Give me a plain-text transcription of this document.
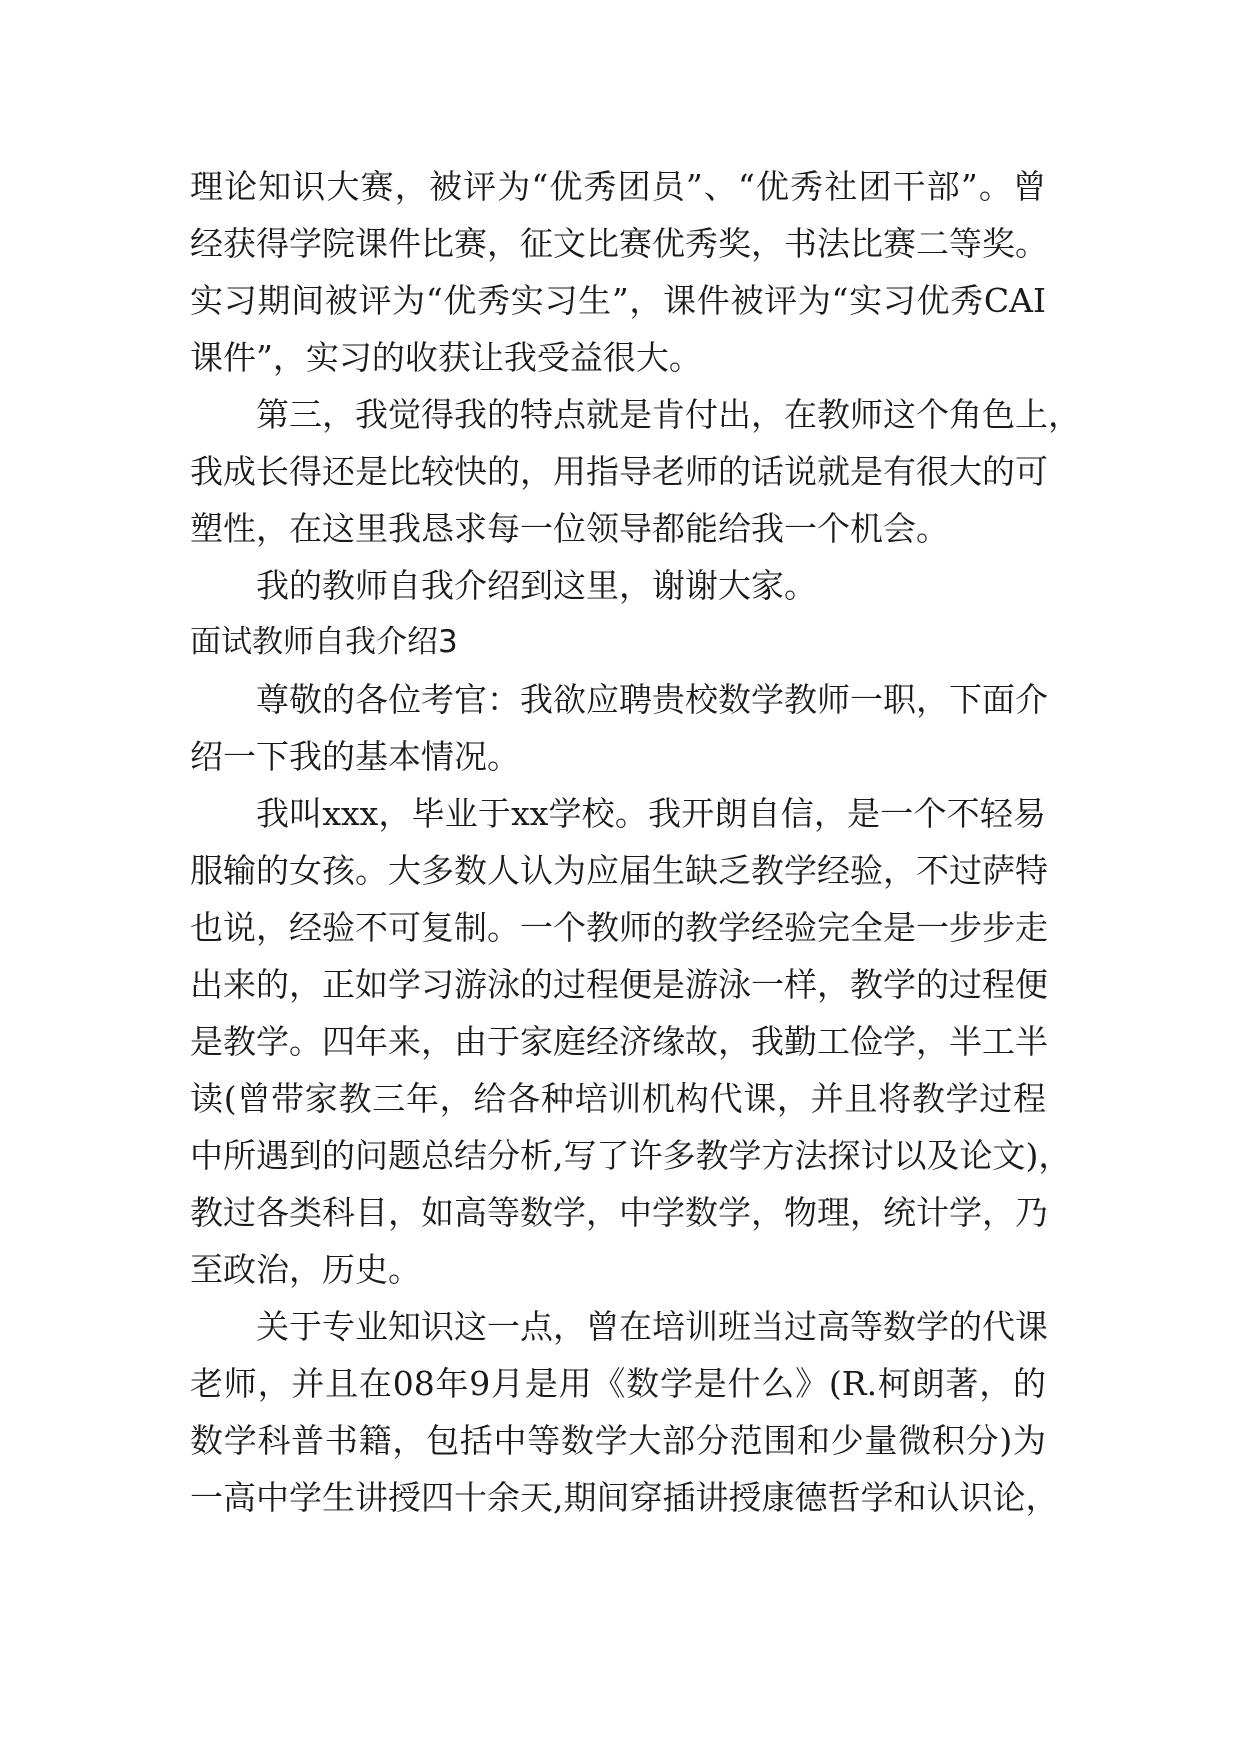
理论知识大赛，被评为“优秀团员”、“优秀社团干部”。曾
经获得学院课件比赛，征文比赛优秀奖，书法比赛二等奖。
实习期间被评为“优秀实习生”，课件被评为“实习优秀CAI
课件”，实习的收获让我受益很大。
第三，我觉得我的特点就是肯付出，在教师这个角色上，
我成长得还是比较快的，用指导老师的话说就是有很大的可
塑性，在这里我恳求每一位领导都能给我一个机会。
我的教师自我介绍到这里，谢谢大家。
面试教师自我介绍3
尊敬的各位考官：我欲应聘贵校数学教师一职，下面介
绍一下我的基本情况。
我叫xxx，毕业于xx学校。我开朗自信，是一个不轻易
服输的女孩。大多数人认为应届生缺乏教学经验，不过萨特
也说，经验不可复制。一个教师的教学经验完全是一步步走
出来的，正如学习游泳的过程便是游泳一样，教学的过程便
是教学。四年来，由于家庭经济缘故，我勤工俭学，半工半
读(曾带家教三年，给各种培训机构代课，并且将教学过程
中所遇到的问题总结分析,写了许多教学方法探讨以及论文)，
教过各类科目，如高等数学，中学数学，物理，统计学，乃
至政治，历史。
关于专业知识这一点，曾在培训班当过高等数学的代课
老师，并且在08年9月是用《数学是什么》(R.柯朗著，的
数学科普书籍，包括中等数学大部分范围和少量微积分)为
一高中学生讲授四十余天,期间穿插讲授康德哲学和认识论，
